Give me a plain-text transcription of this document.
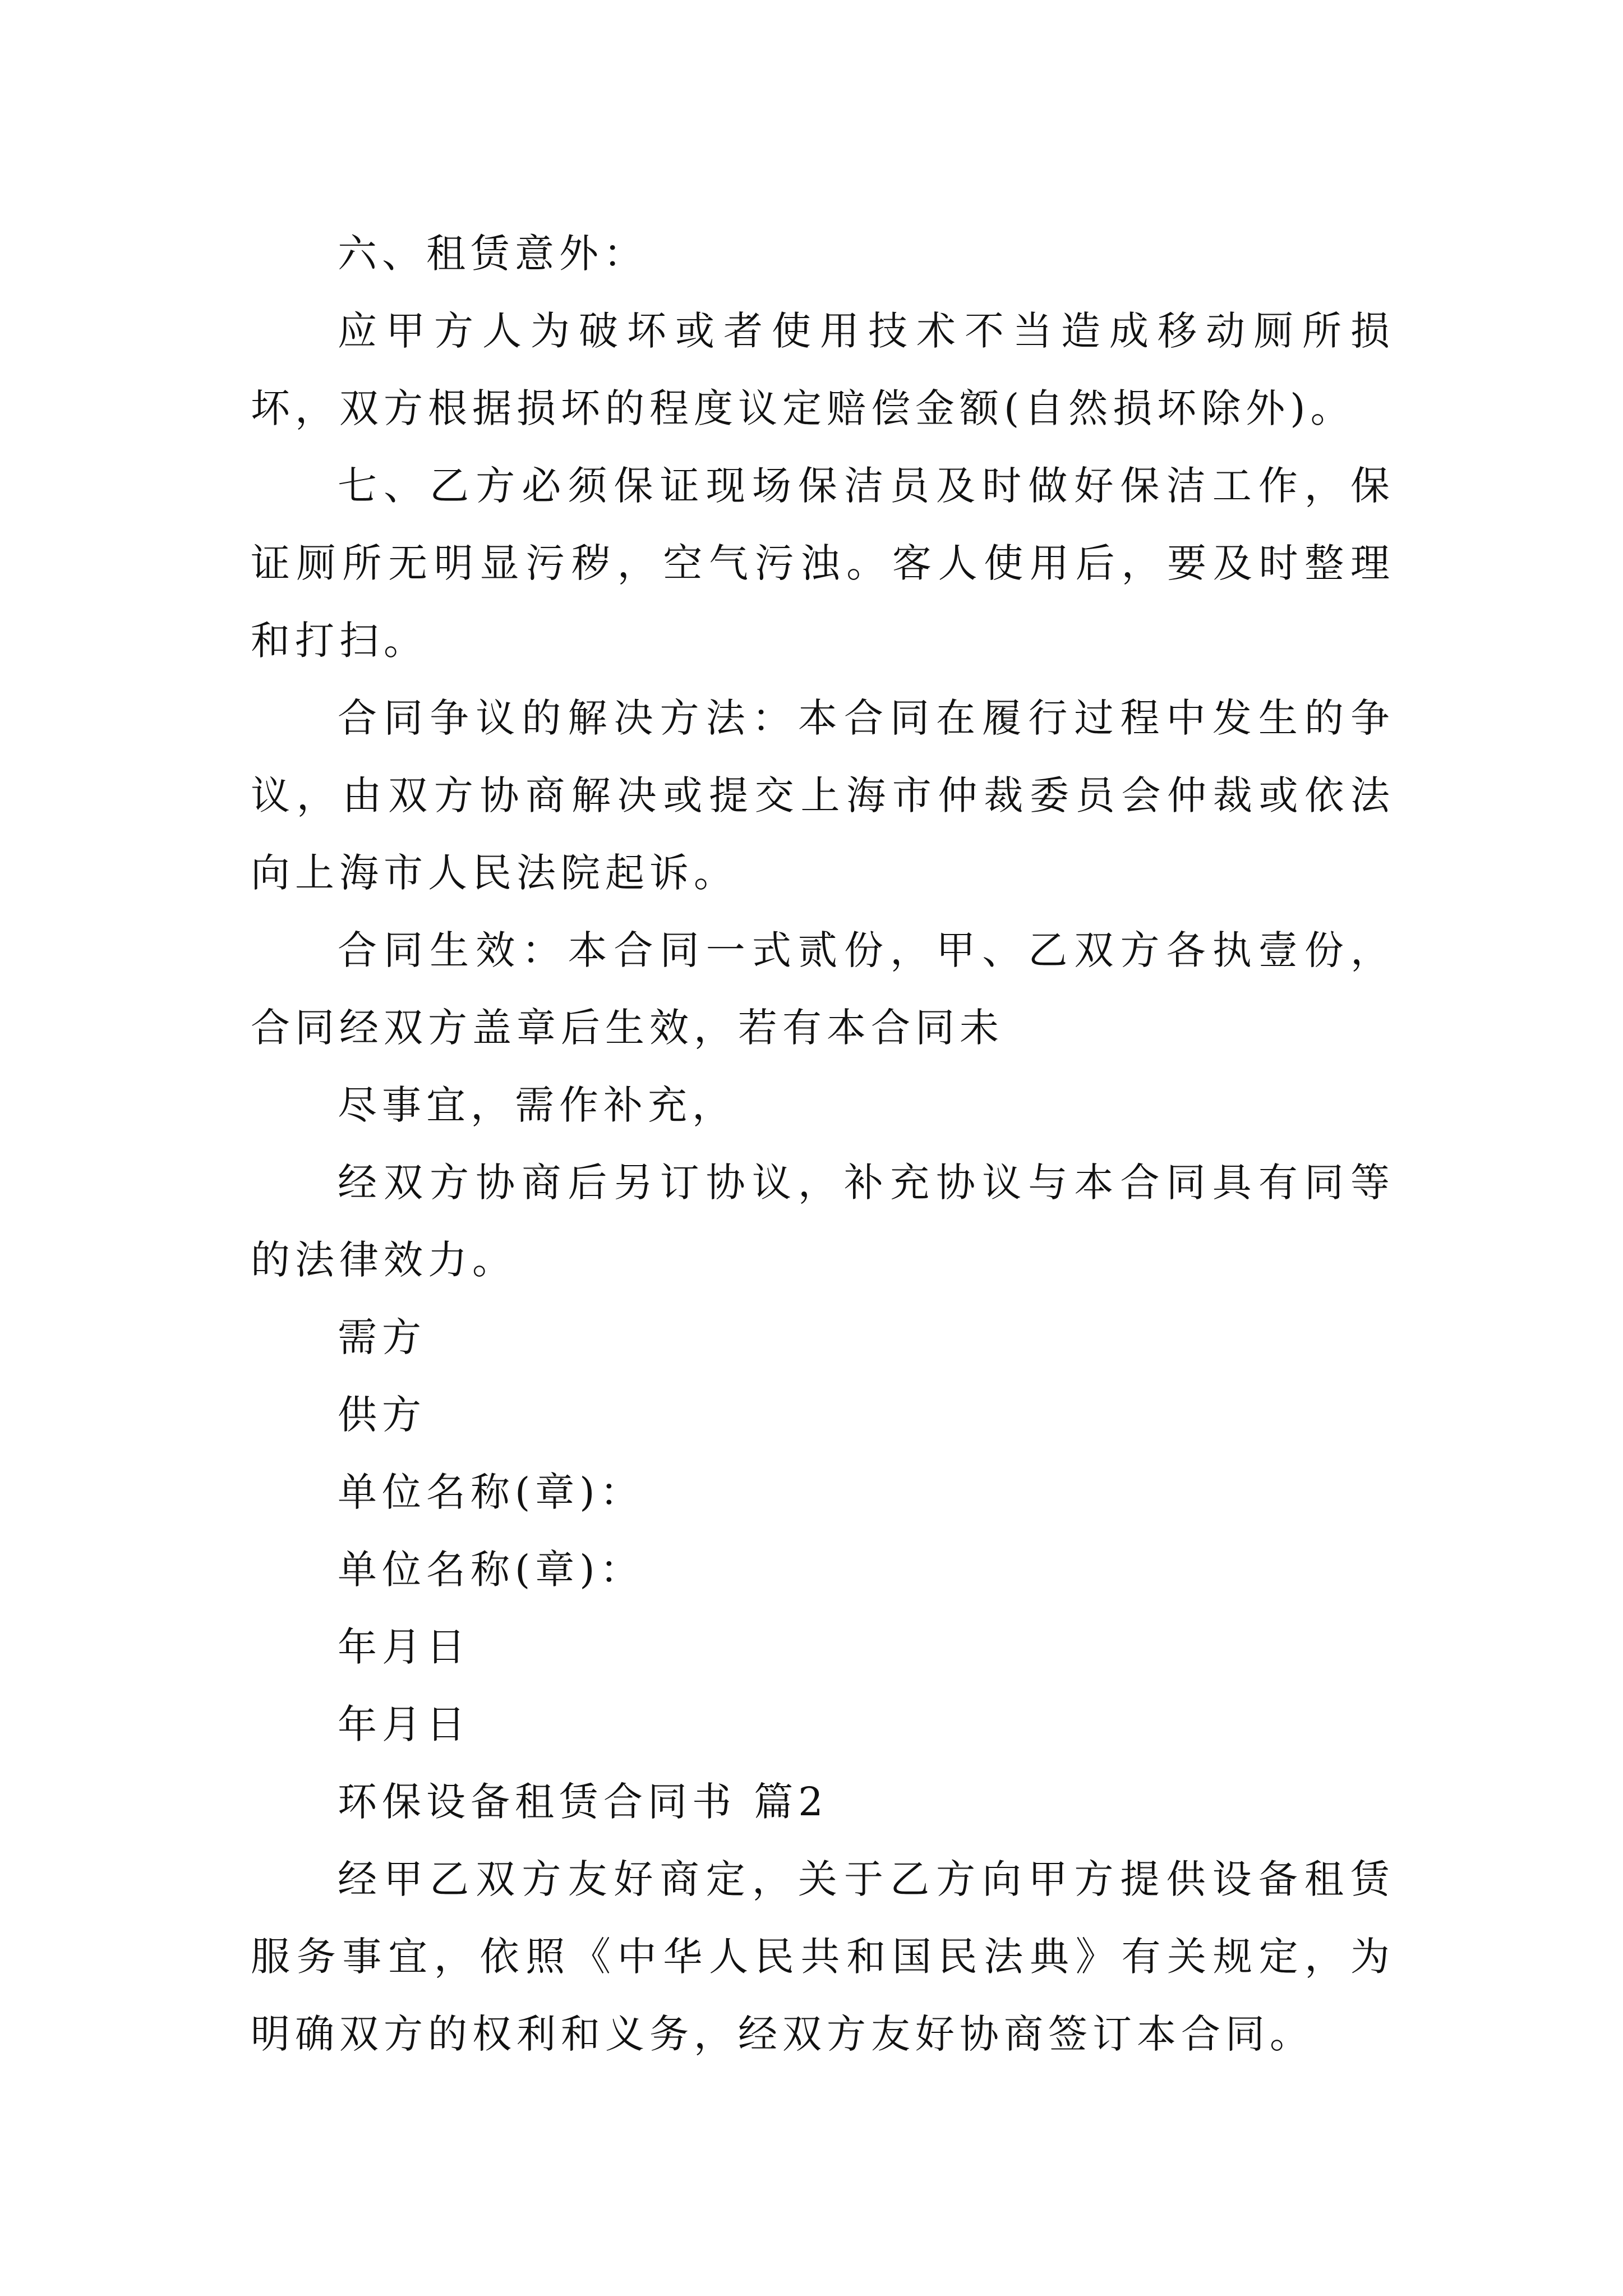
六、租赁意外：

应甲方人为破坏或者使用技术不当造成移动厕所损坏，双方根据损坏的程度议定赔偿金额(自然损坏除外)。

七、乙方必须保证现场保洁员及时做好保洁工作，保证厕所无明显污秽，空气污浊。客人使用后，要及时整理和打扫。

合同争议的解决方法：本合同在履行过程中发生的争议，由双方协商解决或提交上海市仲裁委员会仲裁或依法向上海市人民法院起诉。

合同生效：本合同一式贰份，甲、乙双方各执壹份，合同经双方盖章后生效，若有本合同未

尽事宜，需作补充，

经双方协商后另订协议，补充协议与本合同具有同等的法律效力。

需方

供方

单位名称(章)：

单位名称(章)：

年月日

年月日

环保设备租赁合同书 篇2

经甲乙双方友好商定，关于乙方向甲方提供设备租赁服务事宜，依照《中华人民共和国民法典》有关规定，为明确双方的权利和义务，经双方友好协商签订本合同。
